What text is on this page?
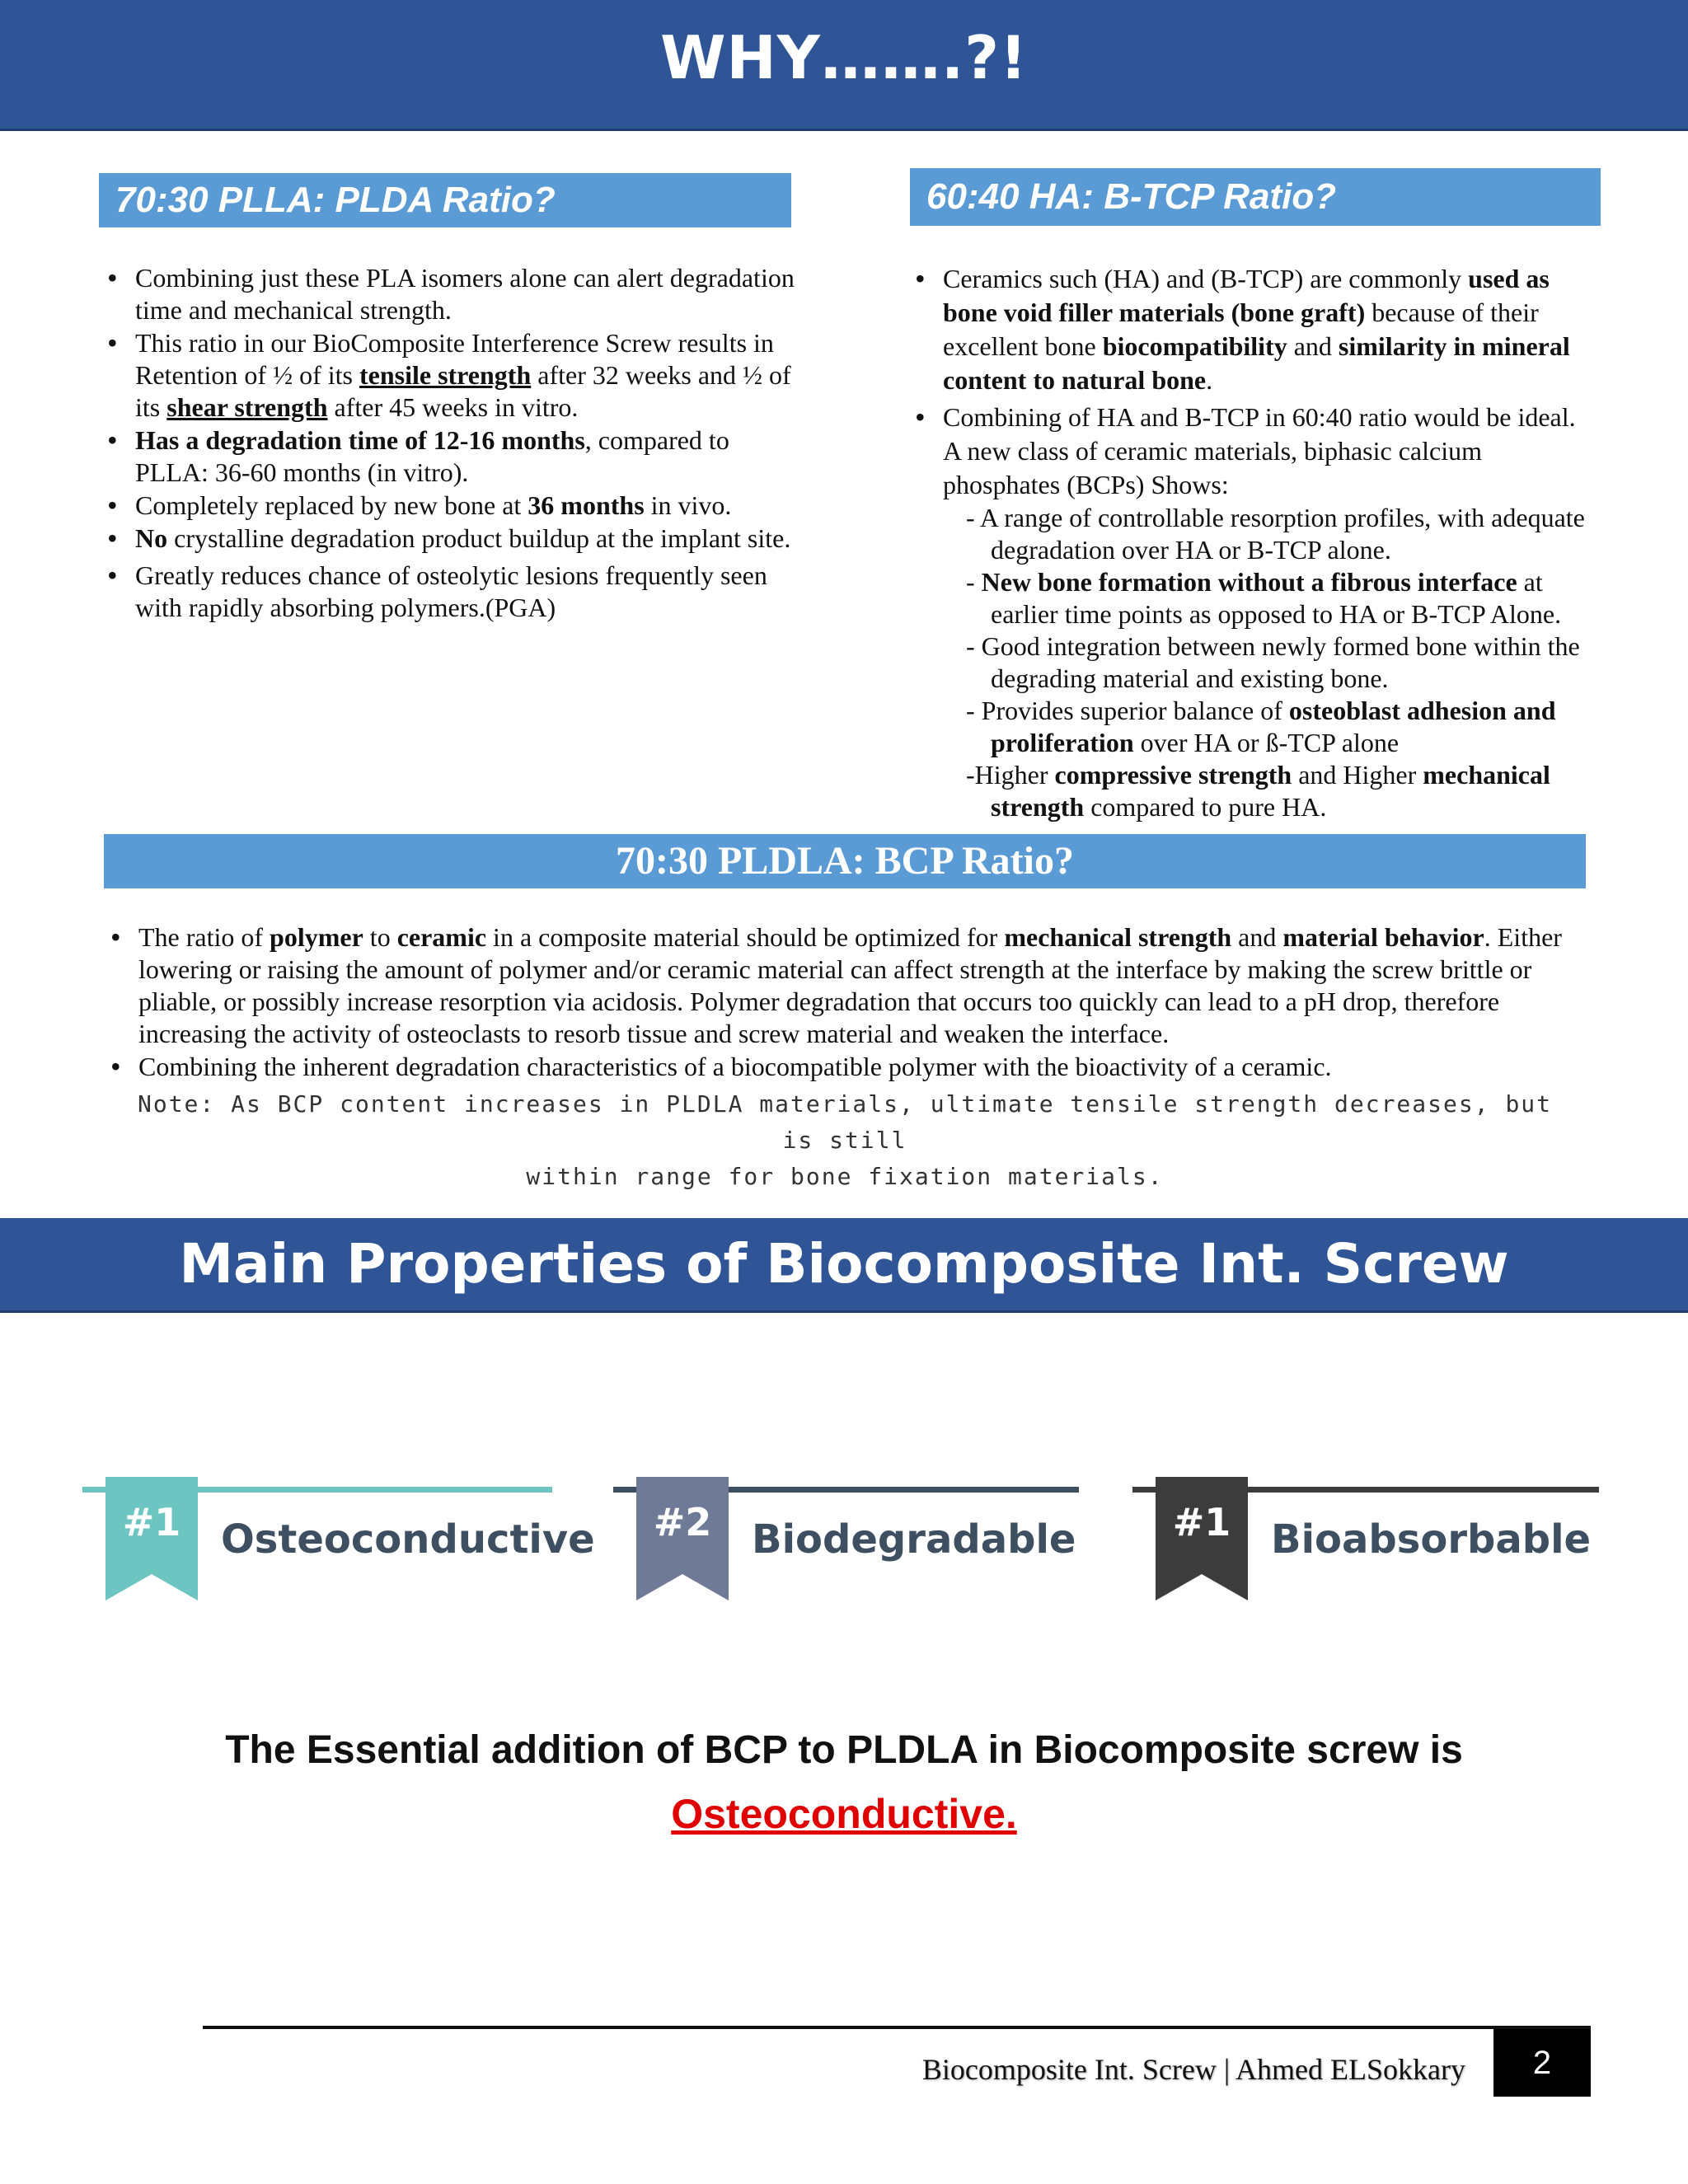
WHY…….?!
70:30 PLLA: PLDA Ratio?	60:40 HA: B-TCP Ratio?
• Combining just these PLA isomers alone can alert degradation time and mechanical strength.
• This ratio in our BioComposite Interference Screw results in Retention of ½ of its tensile strength after 32 weeks and ½ of its shear strength after 45 weeks in vitro.
• Has a degradation time of 12-16 months, compared to PLLA: 36-60 months (in vitro).
• Completely replaced by new bone at 36 months in vivo.
• No crystalline degradation product buildup at the implant site.
• Greatly reduces chance of osteolytic lesions frequently seen with rapidly absorbing polymers.(PGA)
• Ceramics such (HA) and (B-TCP) are commonly used as bone void filler materials (bone graft) because of their excellent bone biocompatibility and similarity in mineral content to natural bone.
• Combining of HA and B-TCP in 60:40 ratio would be ideal. A new class of ceramic materials, biphasic calcium phosphates (BCPs) Shows:
- A range of controllable resorption profiles, with adequate degradation over HA or B-TCP alone.
- New bone formation without a fibrous interface at earlier time points as opposed to HA or B-TCP Alone.
- Good integration between newly formed bone within the degrading material and existing bone.
- Provides superior balance of osteoblast adhesion and proliferation over HA or ß-TCP alone
-Higher compressive strength and Higher mechanical strength compared to pure HA.
70:30 PLDLA: BCP Ratio?
• The ratio of polymer to ceramic in a composite material should be optimized for mechanical strength and material behavior. Either lowering or raising the amount of polymer and/or ceramic material can affect strength at the interface by making the screw brittle or pliable, or possibly increase resorption via acidosis. Polymer degradation that occurs too quickly can lead to a pH drop, therefore increasing the activity of osteoclasts to resorb tissue and screw material and weaken the interface.
• Combining the inherent degradation characteristics of a biocompatible polymer with the bioactivity of a ceramic.
Note: As BCP content increases in PLDLA materials, ultimate tensile strength decreases, but is still
within range for bone fixation materials.
Main Properties of Biocomposite Int. Screw
#1	Osteoconductive	#2	Biodegradable	#1	Bioabsorbable
The Essential addition of BCP to PLDLA in Biocomposite screw is
Osteoconductive.
Biocomposite Int. Screw | Ahmed ELSokkary	2
